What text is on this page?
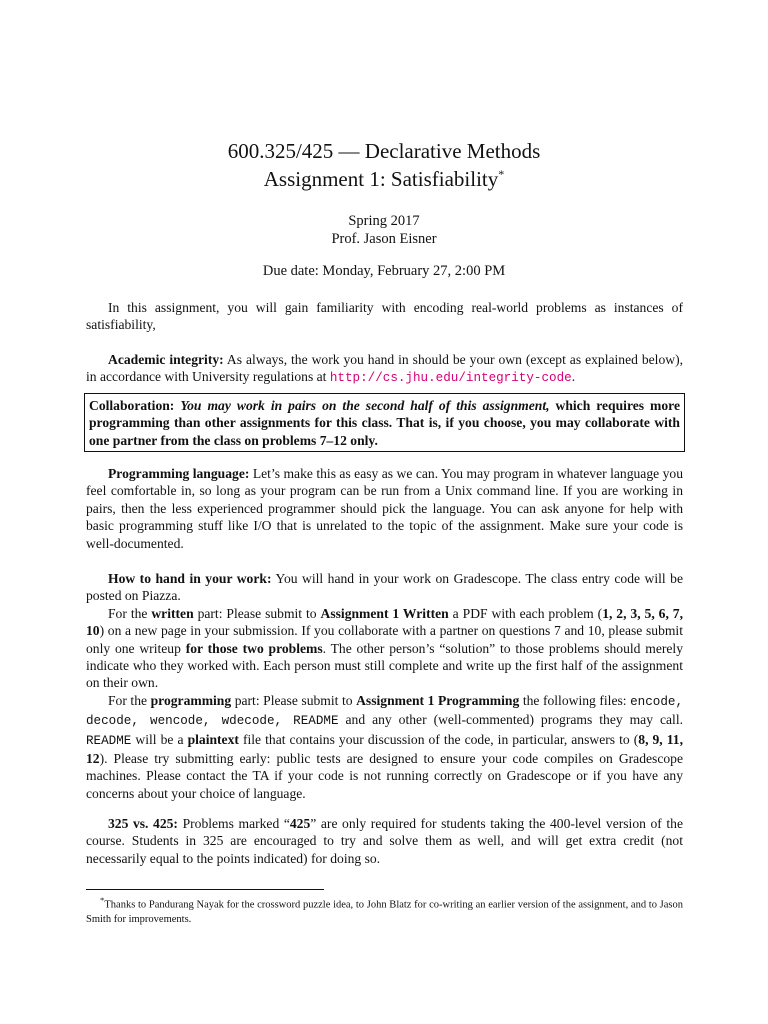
600.325/425 — Declarative Methods
Assignment 1: Satisfiability*
Spring 2017
Prof. Jason Eisner
Due date: Monday, February 27, 2:00 PM

In this assignment, you will gain familiarity with encoding real-world problems as instances of satisfiability,

Academic integrity: As always, the work you hand in should be your own (except as explained below), in accordance with University regulations at http://cs.jhu.edu/integrity-code.

Collaboration: You may work in pairs on the second half of this assignment, which requires more programming than other assignments for this class. That is, if you choose, you may collaborate with one partner from the class on problems 7–12 only.

Programming language: Let’s make this as easy as we can. You may program in whatever language you feel comfortable in, so long as your program can be run from a Unix command line. If you are working in pairs, then the less experienced programmer should pick the language. You can ask anyone for help with basic programming stuff like I/O that is unrelated to the topic of the assignment. Make sure your code is well-documented.

How to hand in your work: You will hand in your work on Gradescope. The class entry code will be posted on Piazza.

For the written part: Please submit to Assignment 1 Written a PDF with each problem (1, 2, 3, 5, 6, 7, 10) on a new page in your submission. If you collaborate with a partner on questions 7 and 10, please submit only one writeup for those two problems. The other person’s “solution” to those problems should merely indicate who they worked with. Each person must still complete and write up the first half of the assignment on their own.

For the programming part: Please submit to Assignment 1 Programming the following files: encode, decode, wencode, wdecode, README and any other (well-commented) programs they may call. README will be a plaintext file that contains your discussion of the code, in particular, answers to (8, 9, 11, 12). Please try submitting early: public tests are designed to ensure your code compiles on Gradescope machines. Please contact the TA if your code is not running correctly on Gradescope or if you have any concerns about your choice of language.

325 vs. 425: Problems marked “425” are only required for students taking the 400-level version of the course. Students in 325 are encouraged to try and solve them as well, and will get extra credit (not necessarily equal to the points indicated) for doing so.

*Thanks to Pandurang Nayak for the crossword puzzle idea, to John Blatz for co-writing an earlier version of the assignment, and to Jason Smith for improvements.
